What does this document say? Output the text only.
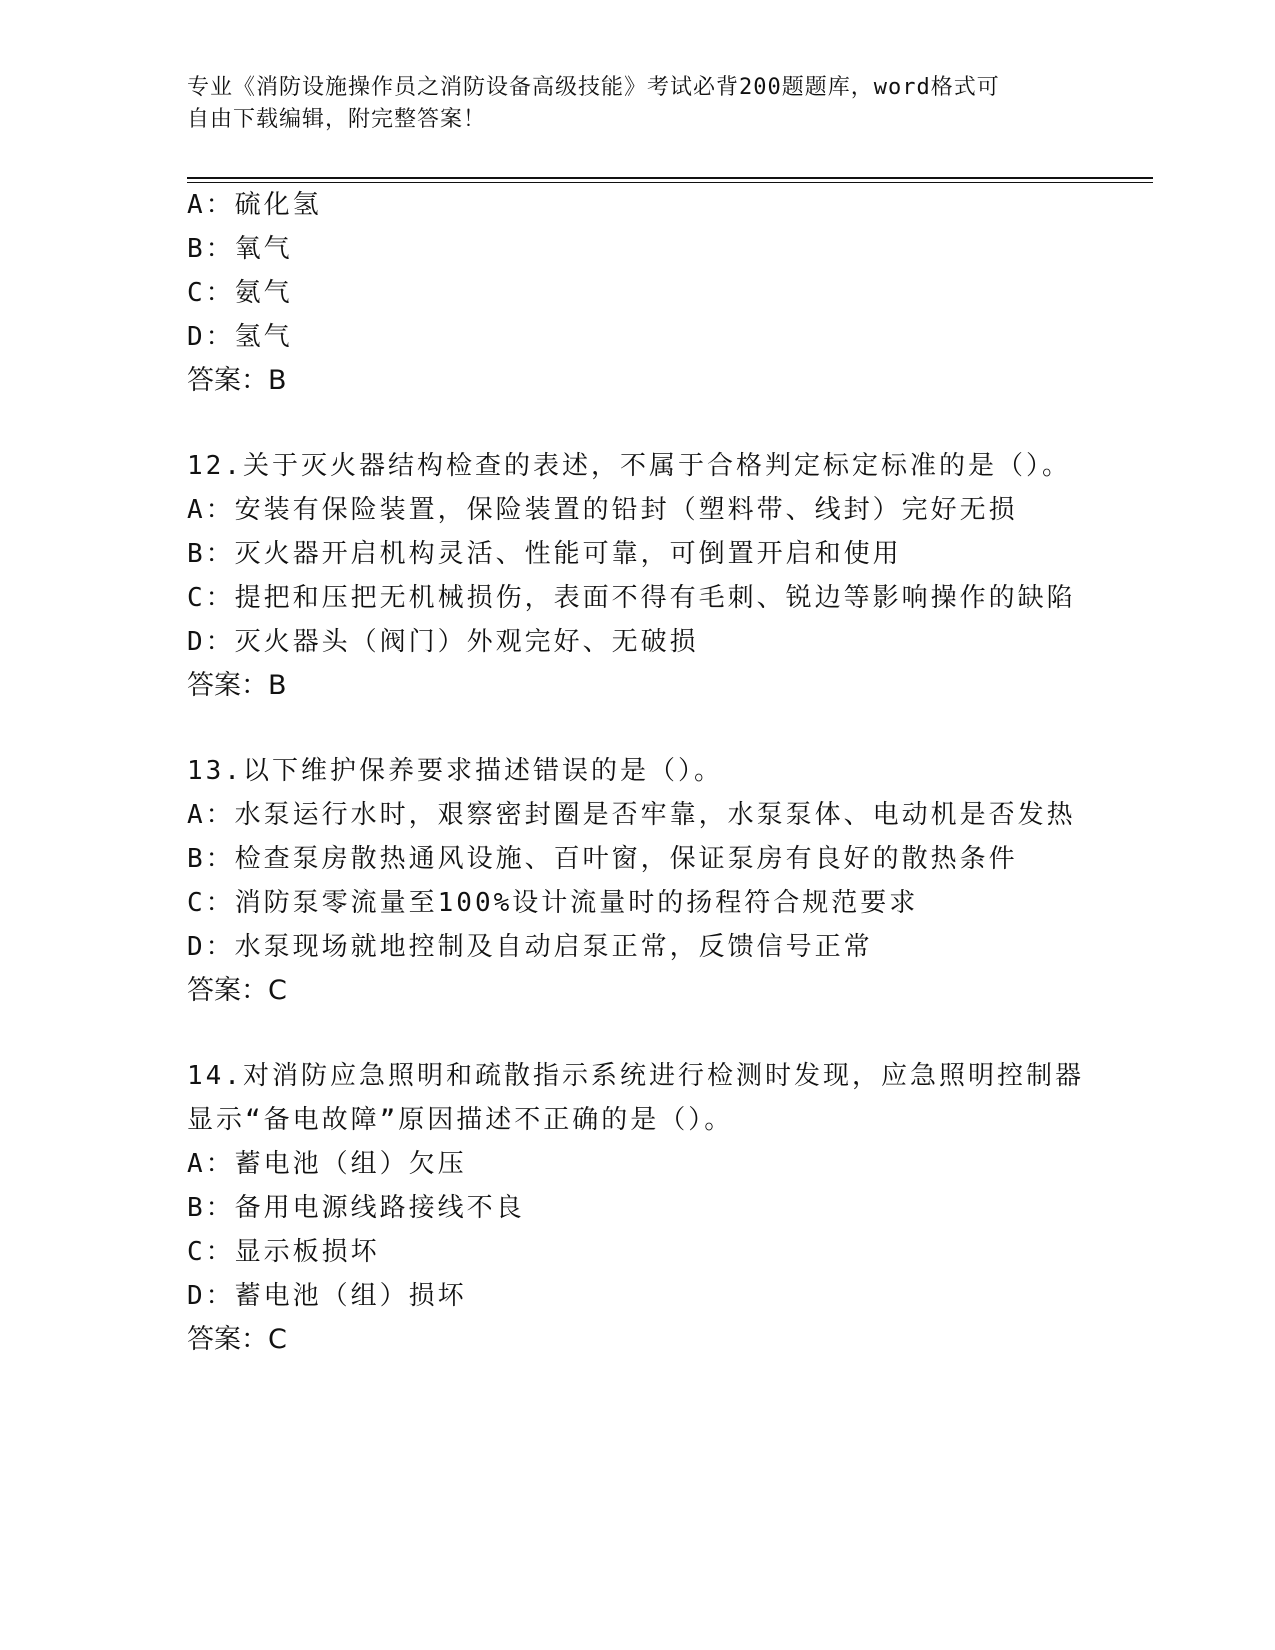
专业《消防设施操作员之消防设备高级技能》考试必背200题题库，word格式可
自由下载编辑，附完整答案！
A：硫化氢
B：氧气
C：氨气
D：氢气
答案：B
12.关于灭火器结构检查的表述，不属于合格判定标定标准的是（）。
A：安装有保险装置，保险装置的铅封（塑料带、线封）完好无损
B：灭火器开启机构灵活、性能可靠，可倒置开启和使用
C：提把和压把无机械损伤，表面不得有毛刺、锐边等影响操作的缺陷
D：灭火器头（阀门）外观完好、无破损
答案：B
13.以下维护保养要求描述错误的是（）。
A：水泵运行水时，艰察密封圈是否牢靠，水泵泵体、电动机是否发热
B：检查泵房散热通风设施、百叶窗，保证泵房有良好的散热条件
C：消防泵零流量至100%设计流量时的扬程符合规范要求
D：水泵现场就地控制及自动启泵正常，反馈信号正常
答案：C
14.对消防应急照明和疏散指示系统进行检测时发现，应急照明控制器
显示“备电故障”原因描述不正确的是（）。
A：蓄电池（组）欠压
B：备用电源线路接线不良
C：显示板损坏
D：蓄电池（组）损坏
答案：C
